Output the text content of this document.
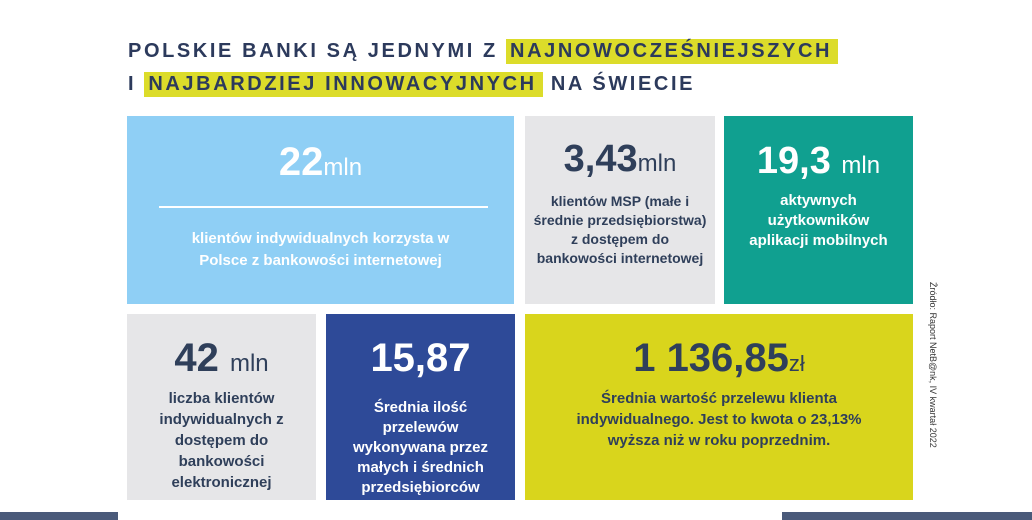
POLSKIE BANKI SĄ JEDNYMI Z NAJNOWOCZEŚNIEJSZYCH
I NAJBARDZIEJ INNOWACYJNYCH NA ŚWIECIE
22mln
klientów indywidualnych korzysta w Polsce z bankowości internetowej
3,43mln
klientów MSP (małe i średnie przedsiębiorstwa) z dostępem do bankowości internetowej
19,3 mln
aktywnych użytkowników aplikacji mobilnych
42 mln
liczba klientów indywidualnych z dostępem do bankowości elektronicznej
15,87
Średnia ilość przelewów wykonywana przez małych i średnich przedsiębiorców
1 136,85zł
Średnia wartość przelewu klienta indywidualnego. Jest to kwota o 23,13% wyższa niż w roku poprzednim.	Źródło: Raport NetB@nk, IV kwartał 2022
